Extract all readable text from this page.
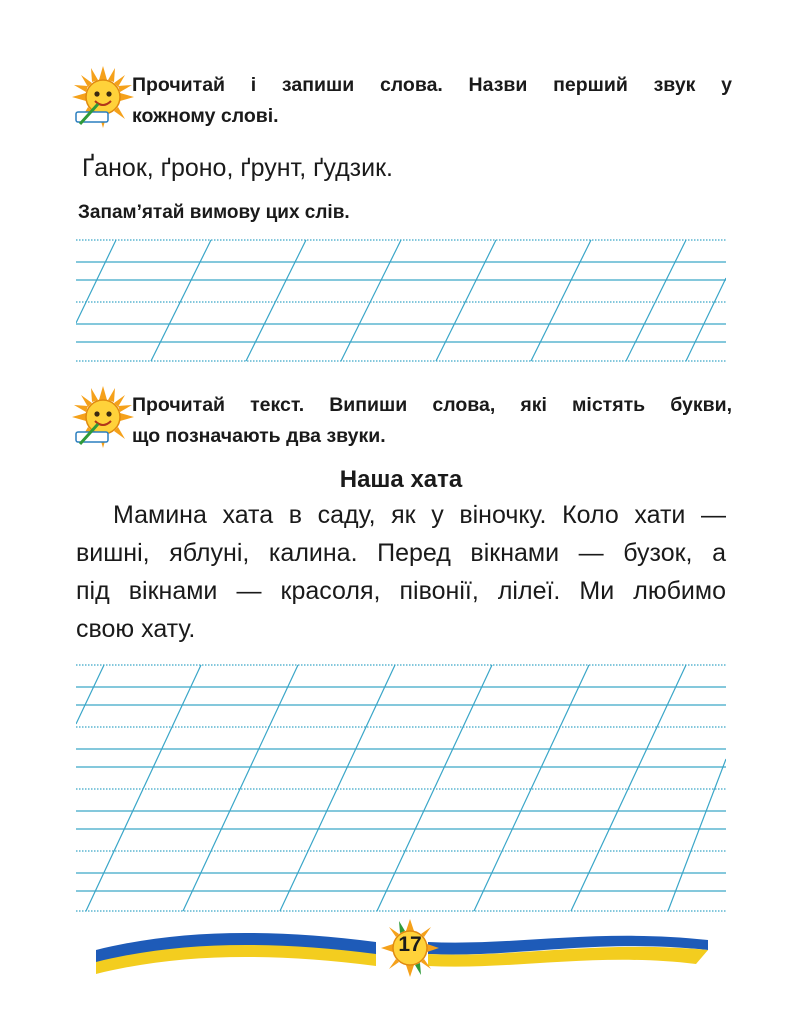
Прочитай і запиши слова. Назви перший звук у
кожному слові.
Ґанок, ґроно, ґрунт, ґудзик.
Запам’ятай вимову цих слів.
Прочитай текст. Випиши слова, які містять букви,
що позначають два звуки.
Наша хата
Мамина хата в саду, як у віночку. Коло хати —
вишні, яблуні, калина. Перед вікнами — бузок, а
під вікнами — красоля, півонії, лілеї. Ми любимо
свою хату.
17
